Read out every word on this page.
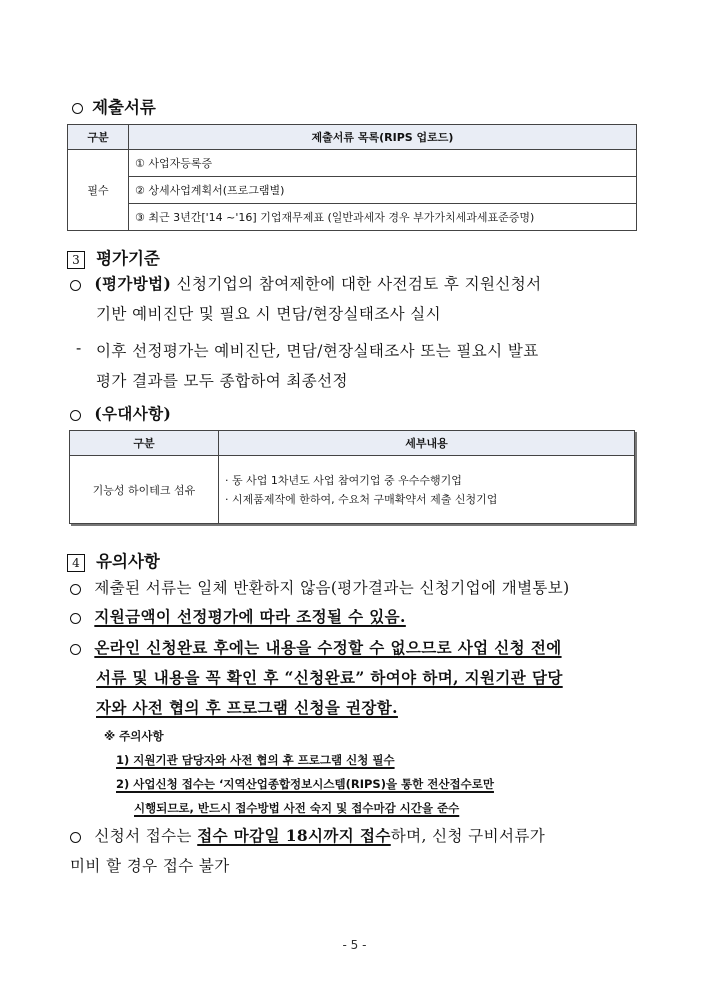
제출서류
구분	제출서류 목록(RIPS 업로드)
필수	① 사업자등록증
	② 상세사업계획서(프로그램별)
	③ 최근 3년간['14 ~'16] 기업재무제표 (일반과세자 경우 부가가치세과세표준증명)
3 평가기준
(평가방법) 신청기업의 참여제한에 대한 사전검토 후 지원신청서
기반 예비진단 및 필요 시 면담/현장실태조사 실시
- 이후 선정평가는 예비진단, 면담/현장실태조사 또는 필요시 발표
평가 결과를 모두 종합하여 최종선정
(우대사항)
구분	세부내용
기능성 하이테크 섬유	· 동 사업 1차년도 사업 참여기업 중 우수수행기업
· 시제품제작에 한하여, 수요처 구매확약서 제출 신청기업
4 유의사항
제출된 서류는 일체 반환하지 않음(평가결과는 신청기업에 개별통보)
지원금액이 선정평가에 따라 조정될 수 있음.
온라인 신청완료 후에는 내용을 수정할 수 없으므로 사업 신청 전에
서류 및 내용을 꼭 확인 후 “신청완료” 하여야 하며, 지원기관 담당
자와 사전 협의 후 프로그램 신청을 권장함.
※ 주의사항
1) 지원기관 담당자와 사전 협의 후 프로그램 신청 필수
2) 사업신청 접수는 ‘지역산업종합정보시스템(RIPS)을 통한 전산접수로만
시행되므로, 반드시 접수방법 사전 숙지 및 접수마감 시간을 준수
신청서 접수는 접수 마감일 18시까지 접수하며, 신청 구비서류가
미비 할 경우 접수 불가
- 5 -
